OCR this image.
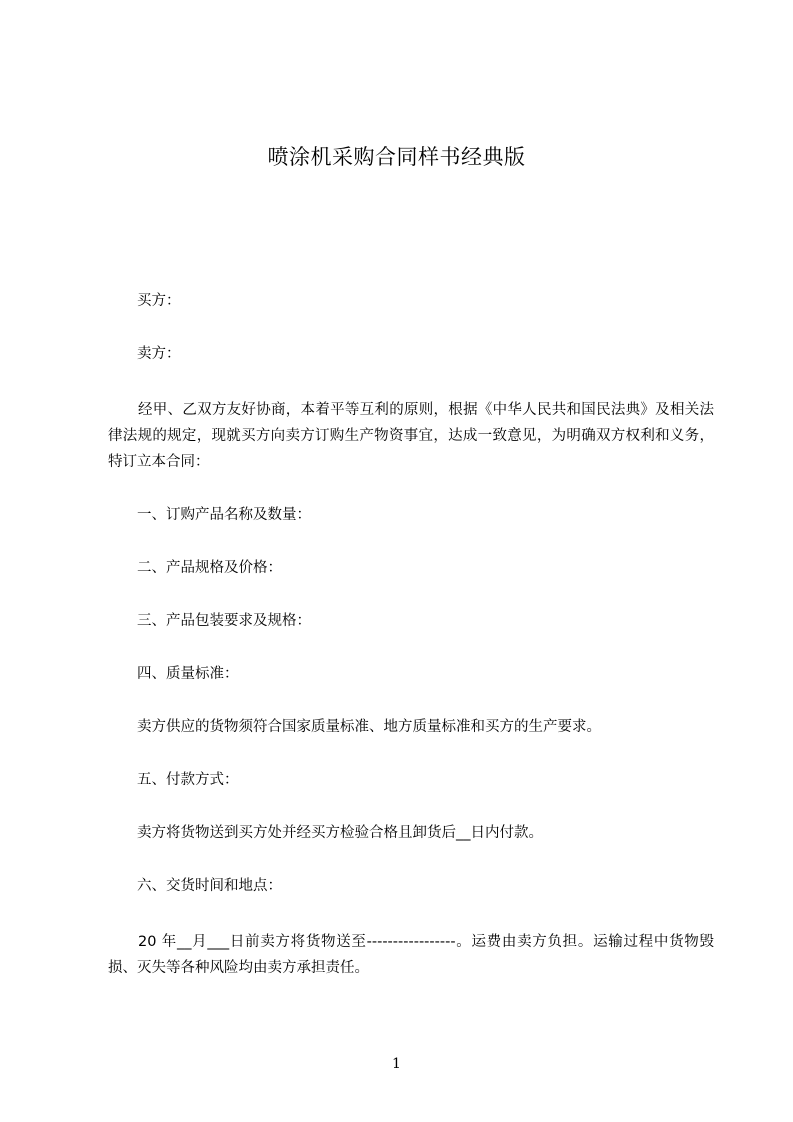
喷涂机采购合同样书经典版
买方：
卖方：
经甲、乙双方友好协商，本着平等互利的原则，根据《中华人民共和国民法典》及相关法律法规的规定，现就买方向卖方订购生产物资事宜，达成一致意见，为明确双方权利和义务，特订立本合同：
一、订购产品名称及数量：
二、产品规格及价格：
三、产品包装要求及规格：
四、质量标准：
卖方供应的货物须符合国家质量标准、地方质量标准和买方的生产要求。
五、付款方式：
卖方将货物送到买方处并经买方检验合格且卸货后__日内付款。
六、交货时间和地点：
20 年__月___日前卖方将货物送至-----------------。运费由卖方负担。运输过程中货物毁损、灭失等各种风险均由卖方承担责任。
1
